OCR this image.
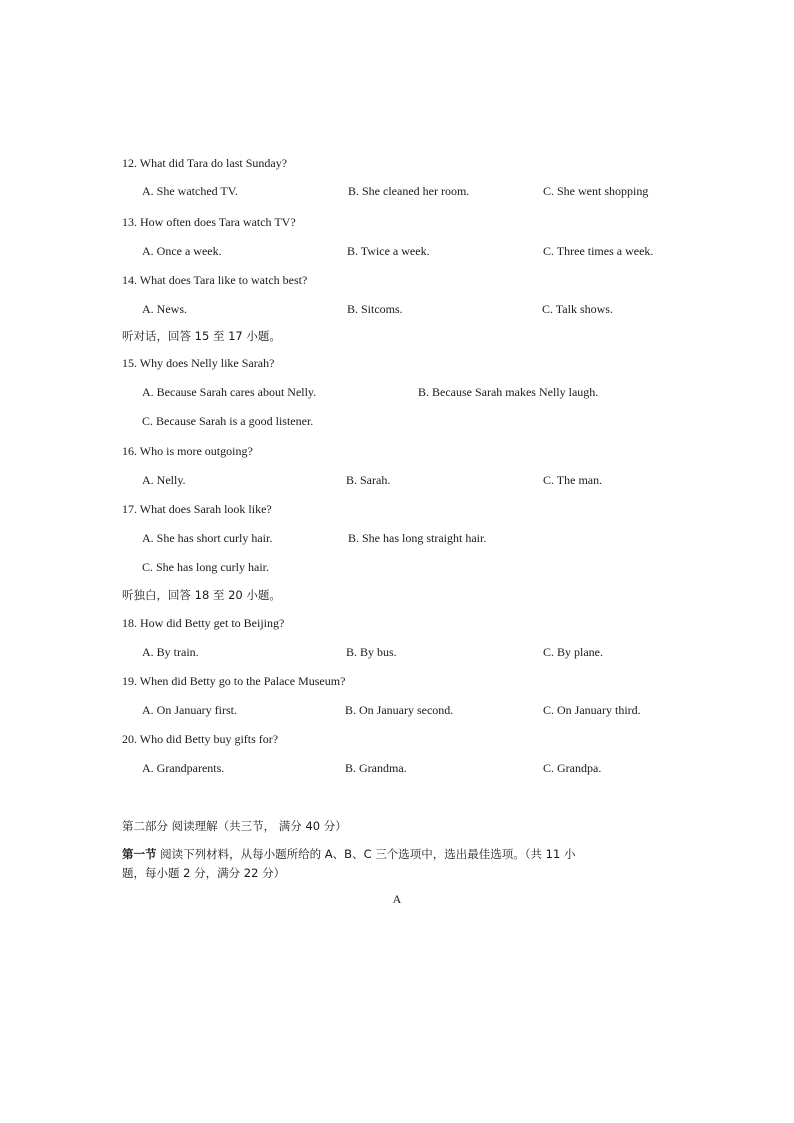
12. What did Tara do last Sunday?
A. She watched TV.	B. She cleaned her room.	C. She went shopping
13. How often does Tara watch TV?
A. Once a week.	B. Twice a week.	C. Three times a week.
14. What does Tara like to watch best?
A. News.	B. Sitcoms.	C. Talk shows.
听对话，回答 15 至 17 小题。
15. Why does Nelly like Sarah?
A. Because Sarah cares about Nelly.	B. Because Sarah makes Nelly laugh.
C. Because Sarah is a good listener.
16. Who is more outgoing?
A. Nelly.	B. Sarah.	C. The man.
17. What does Sarah look like?
A. She has short curly hair.	B. She has long straight hair.
C. She has long curly hair.
听独白，回答 18 至 20 小题。
18. How did Betty get to Beijing?
A. By train.	B. By bus.	C. By plane.
19. When did Betty go to the Palace Museum?
A. On January first.	B. On January second.	C. On January third.
20. Who did Betty buy gifts for?
A. Grandparents.	B. Grandma.	C. Grandpa.
第二部分 阅读理解（共三节， 满分 40 分）
第一节 阅读下列材料，从每小题所给的 A、B、C 三个选项中，选出最佳选项。（共 11 小
题，每小题 2 分，满分 22 分）
A
